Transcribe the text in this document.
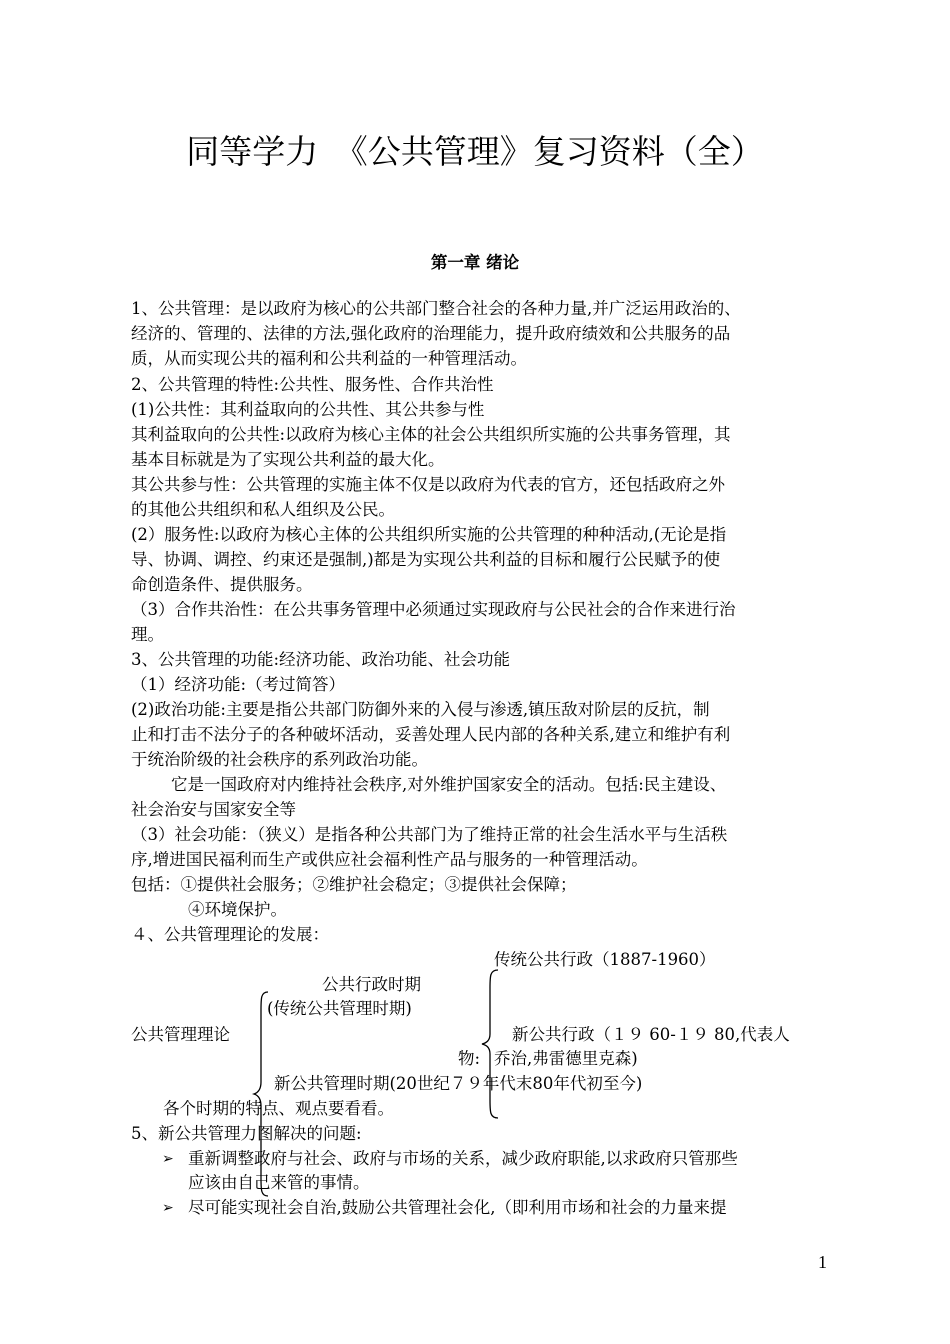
同等学力　《公共管理》复习资料（全）
第一章 绪论
1、公共管理：是以政府为核心的公共部门整合社会的各种力量,并广泛运用政治的、
经济的、管理的、法律的方法,强化政府的治理能力，提升政府绩效和公共服务的品
质，从而实现公共的福利和公共利益的一种管理活动。
2、公共管理的特性:公共性、服务性、合作共治性
(1)公共性：其利益取向的公共性、其公共参与性
其利益取向的公共性:以政府为核心主体的社会公共组织所实施的公共事务管理，其
基本目标就是为了实现公共利益的最大化。
其公共参与性：公共管理的实施主体不仅是以政府为代表的官方，还包括政府之外
的其他公共组织和私人组织及公民。
(2）服务性:以政府为核心主体的公共组织所实施的公共管理的种种活动,(无论是指
导、协调、调控、约束还是强制,)都是为实现公共利益的目标和履行公民赋予的使
命创造条件、提供服务。
（3）合作共治性：在公共事务管理中必须通过实现政府与公民社会的合作来进行治
理。
3、公共管理的功能:经济功能、政治功能、社会功能
（1）经济功能:（考过简答）
(2)政治功能:主要是指公共部门防御外来的入侵与渗透,镇压敌对阶层的反抗，制
止和打击不法分子的各种破坏活动，妥善处理人民内部的各种关系,建立和维护有利
于统治阶级的社会秩序的系列政治功能。
它是一国政府对内维持社会秩序,对外维护国家安全的活动。包括:民主建设、
社会治安与国家安全等
（3）社会功能：（狭义）是指各种公共部门为了维持正常的社会生活水平与生活秩
序,增进国民福利而生产或供应社会福利性产品与服务的一种管理活动。
包括：①提供社会服务；②维护社会稳定；③提供社会保障；
④环境保护。
４、公共管理理论的发展：
传统公共行政（1887-1960）
公共行政时期
(传统公共管理时期)
公共管理理论	新公共行政（１９ 60-１９ 80,代表人
物: 乔治,弗雷德里克森)
新公共管理时期(20世纪７９年代末80年代初至今)
各个时期的特点、观点要看看。
5、新公共管理力图解决的问题:
➢ 重新调整政府与社会、政府与市场的关系，减少政府职能,以求政府只管那些
应该由自己来管的事情。
➢ 尽可能实现社会自治,鼓励公共管理社会化,（即利用市场和社会的力量来提
1
